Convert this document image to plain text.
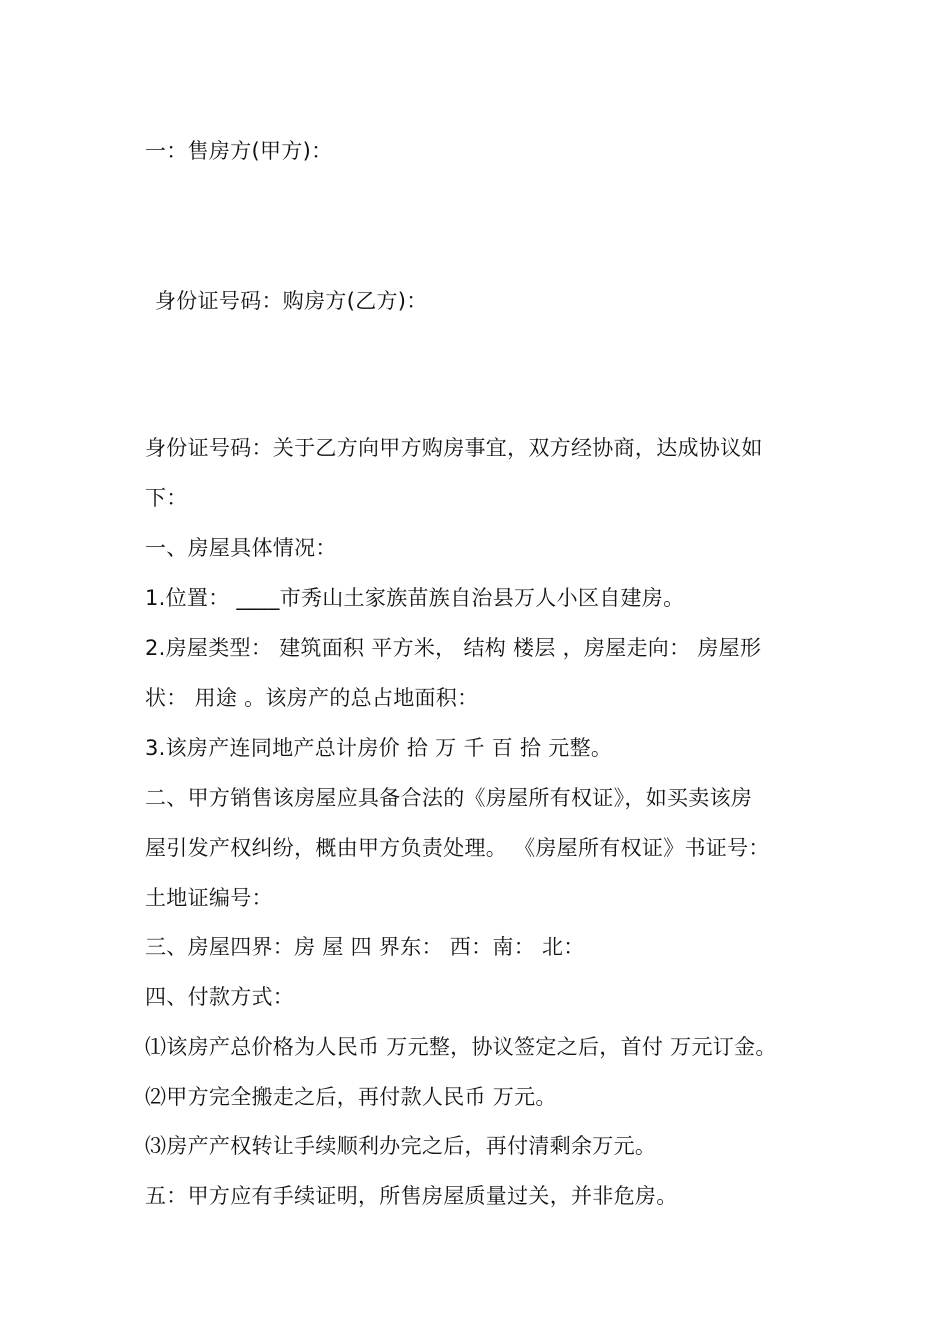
一：售房方(甲方)：
身份证号码：购房方(乙方)：
身份证号码：关于乙方向甲方购房事宜，双方经协商，达成协议如
下：
一、房屋具体情况：
1.位置： ____市秀山土家族苗族自治县万人小区自建房。
2.房屋类型： 建筑面积 平方米， 结构 楼层 ，房屋走向： 房屋形
状： 用途 。该房产的总占地面积：
3.该房产连同地产总计房价 拾 万 千 百 拾 元整。
二、甲方销售该房屋应具备合法的《房屋所有权证》，如买卖该房
屋引发产权纠纷，概由甲方负责处理。 《房屋所有权证》书证号：
土地证编号：
三、房屋四界：房 屋 四 界东： 西：南： 北：
四、付款方式：
⑴该房产总价格为人民币 万元整，协议签定之后，首付 万元订金。
⑵甲方完全搬走之后，再付款人民币 万元。
⑶房产产权转让手续顺利办完之后，再付清剩余万元。
五：甲方应有手续证明，所售房屋质量过关，并非危房。
